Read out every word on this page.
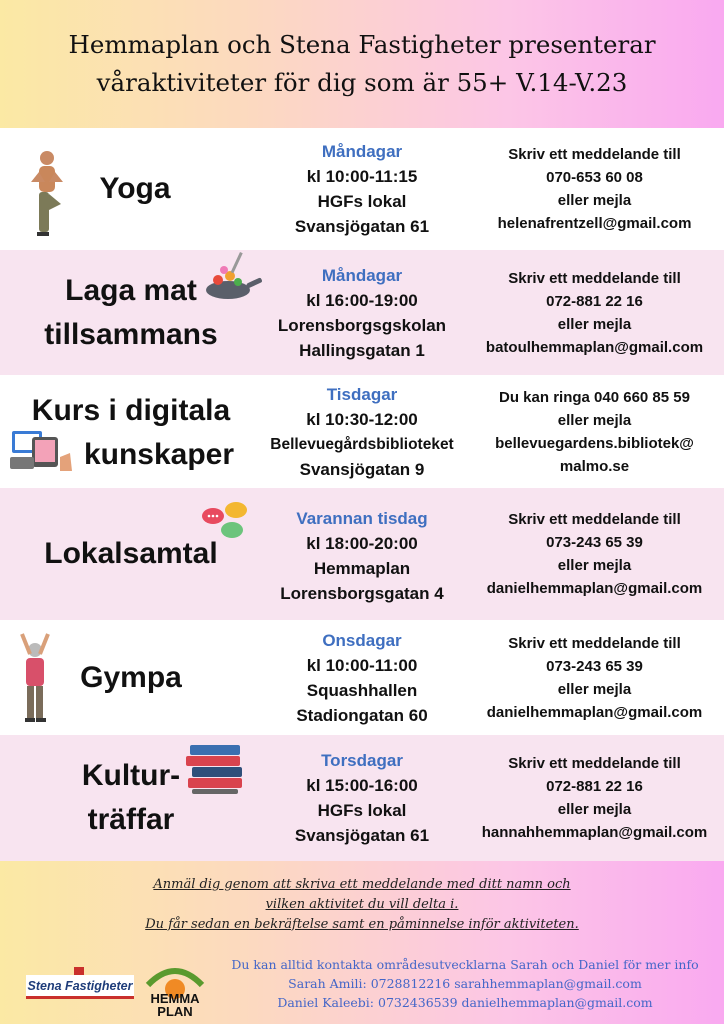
Hemmaplan och Stena Fastigheter presenterar
våraktiviteter för dig som är 55+ V.14-V.23
Yoga
Måndagar
kl 10:00-11:15
HGFs lokal
Svansjögatan 61
Skriv ett meddelande till
070-653 60 08
eller mejla
helenafrentzell@gmail.com
Laga mat
tillsammans
Måndagar
kl 16:00-19:00
Lorensborgsgskolan
Hallingsgatan 1
Skriv ett meddelande till
072-881 22 16
eller mejla
batoulhemmaplan@gmail.com
Kurs i digitala
kunskaper
Tisdagar
kl 10:30-12:00
Bellevuegårdsbiblioteket
Svansjögatan 9
Du kan ringa 040 660 85 59
eller mejla
bellevuegardens.bibliotek@
malmo.se
Lokalsamtal
Varannan tisdag
kl 18:00-20:00
Hemmaplan
Lorensborgsgatan 4
Skriv ett meddelande till
073-243 65 39
eller mejla
danielhemmaplan@gmail.com
Gympa
Onsdagar
kl 10:00-11:00
Squashhallen
Stadiongatan 60
Skriv ett meddelande till
073-243 65 39
eller mejla
danielhemmaplan@gmail.com
Kultur-
träffar
Torsdagar
kl 15:00-16:00
HGFs lokal
Svansjögatan 61
Skriv ett meddelande till
072-881 22 16
eller mejla
hannahhemmaplan@gmail.com
Anmäl dig genom att skriva ett meddelande med ditt namn och
vilken aktivitet du vill delta i.
Du får sedan en bekräftelse samt en påminnelse inför aktiviteten.
Stena Fastigheter
HEMMA
PLAN
Du kan alltid kontakta områdesutvecklarna Sarah och Daniel för mer info
Sarah Amili: 0728812216 sarahhemmaplan@gmail.com
Daniel Kaleebi: 0732436539 danielhemmaplan@gmail.com
